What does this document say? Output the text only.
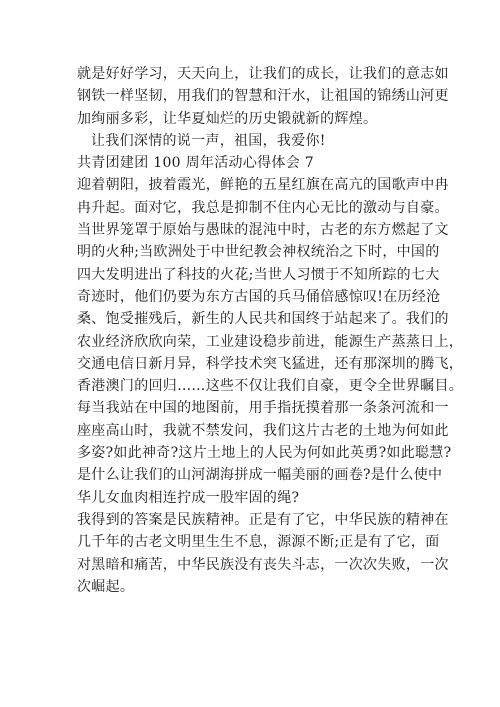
就是好好学习，天天向上，让我们的成长，让我们的意志如
钢铁一样坚韧，用我们的智慧和汗水，让祖国的锦绣山河更
加绚丽多彩，让华夏灿烂的历史锻就新的辉煌。
让我们深情的说一声，祖国，我爱你!
共青团建团 100 周年活动心得体会 7
迎着朝阳，披着霞光，鲜艳的五星红旗在高亢的国歌声中冉
冉升起。面对它，我总是抑制不住内心无比的激动与自豪。
当世界笼罩于原始与愚昧的混沌中时，古老的东方燃起了文
明的火种;当欧洲处于中世纪教会神权统治之下时，中国的
四大发明进出了科技的火花;当世人习惯于不知所踪的七大
奇迹时，他们仍要为东方古国的兵马俑倍感惊叹!在历经沧
桑、饱受摧残后，新生的人民共和国终于站起来了。我们的
农业经济欣欣向荣，工业建设稳步前进，能源生产蒸蒸日上，
交通电信日新月异，科学技术突飞猛进，还有那深圳的腾飞，
香港澳门的回归……这些不仅让我们自豪，更令全世界瞩目。
每当我站在中国的地图前，用手指抚摸着那一条条河流和一
座座高山时，我就不禁发问，我们这片古老的土地为何如此
多姿?如此神奇?这片土地上的人民为何如此英勇?如此聪慧?
是什么让我们的山河湖海拼成一幅美丽的画卷?是什么使中
华儿女血肉相连拧成一股牢固的绳?
我得到的答案是民族精神。正是有了它，中华民族的精神在
几千年的古老文明里生生不息，源源不断;正是有了它，面
对黑暗和痛苦，中华民族没有丧失斗志，一次次失败，一次
次崛起。
